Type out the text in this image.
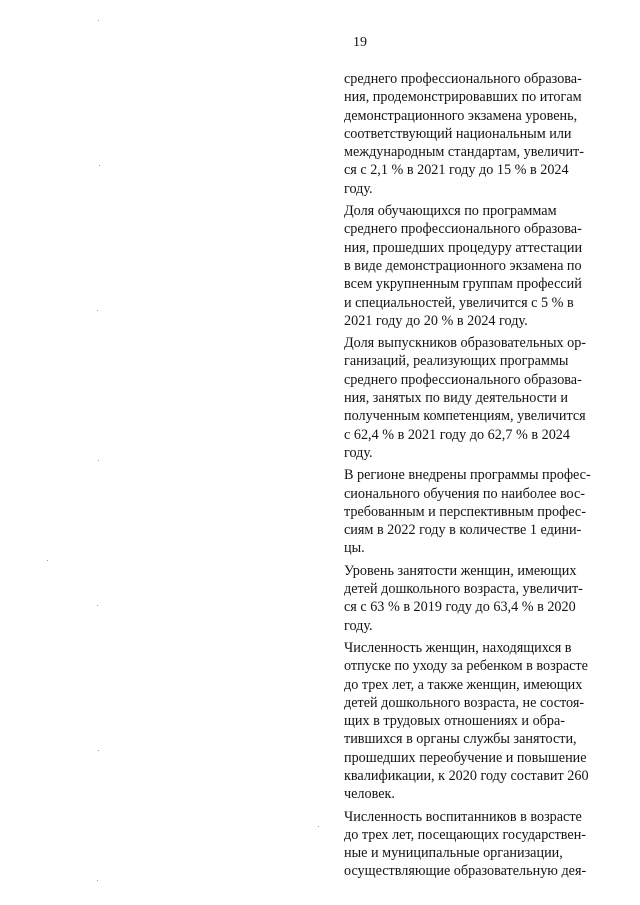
19

среднего профессионального образова-
ния, продемонстрировавших по итогам
демонстрационного экзамена уровень,
соответствующий национальным или
международным стандартам, увеличит-
ся с 2,1 % в 2021 году до 15 % в 2024
году.

Доля обучающихся по программам
среднего профессионального образова-
ния, прошедших процедуру аттестации
в виде демонстрационного экзамена по
всем укрупненным группам профессий
и специальностей, увеличится с 5 % в
2021 году до 20 % в 2024 году.

Доля выпускников образовательных ор-
ганизаций, реализующих программы
среднего профессионального образова-
ния, занятых по виду деятельности и
полученным компетенциям, увеличится
с 62,4 % в 2021 году до 62,7 % в 2024
году.

В регионе внедрены программы профес-
сионального обучения по наиболее вос-
требованным и перспективным профес-
сиям в 2022 году в количестве 1 едини-
цы.

Уровень занятости женщин, имеющих
детей дошкольного возраста, увеличит-
ся с 63 % в 2019 году до 63,4 % в 2020
году.

Численность женщин, находящихся в
отпуске по уходу за ребенком в возрасте
до трех лет, а также женщин, имеющих
детей дошкольного возраста, не состоя-
щих в трудовых отношениях и обра-
тившихся в органы службы занятости,
прошедших переобучение и повышение
квалификации, к 2020 году составит 260
человек.

Численность воспитанников в возрасте
до трех лет, посещающих государствен-
ные и муниципальные организации,
осуществляющие образовательную дея-
